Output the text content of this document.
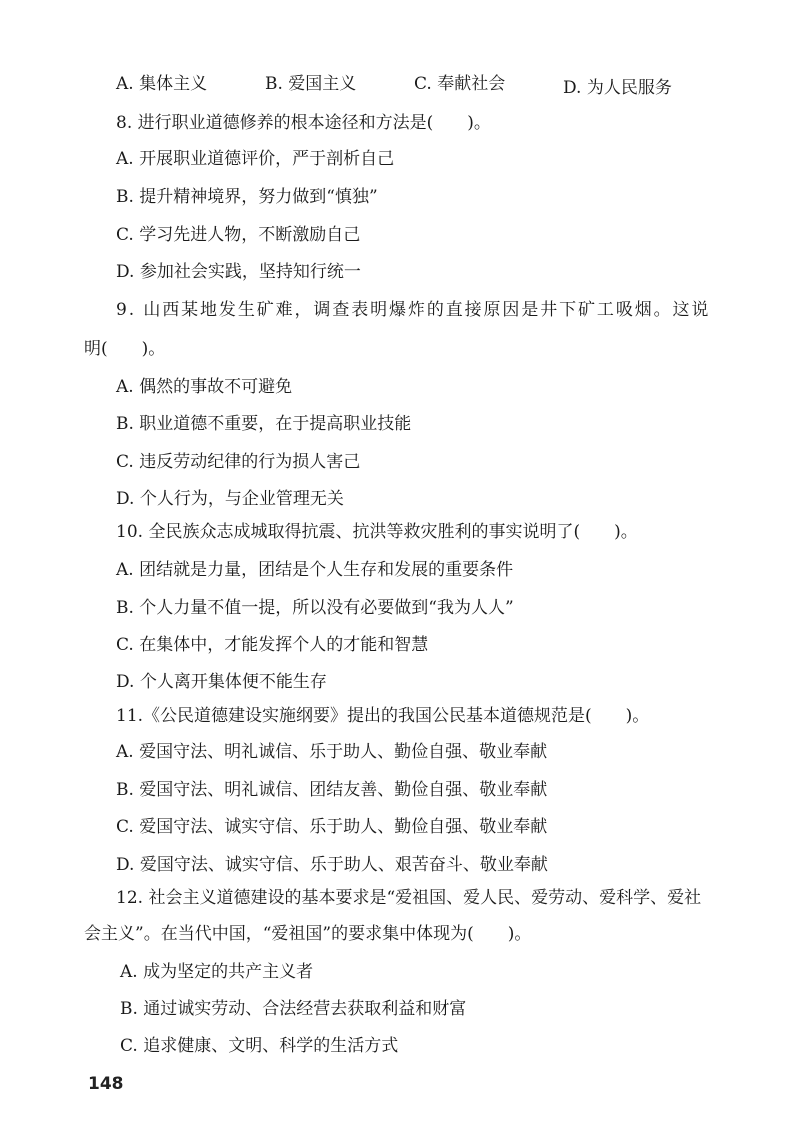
A. 集体主义	B. 爱国主义	C. 奉献社会	D. 为人民服务
8. 进行职业道德修养的根本途径和方法是(　　)。
A. 开展职业道德评价，严于剖析自己
B. 提升精神境界，努力做到“慎独”
C. 学习先进人物，不断激励自己
D. 参加社会实践，坚持知行统一
9. 山西某地发生矿难，调查表明爆炸的直接原因是井下矿工吸烟。这说
明(　　)。
A. 偶然的事故不可避免
B. 职业道德不重要，在于提高职业技能
C. 违反劳动纪律的行为损人害己
D. 个人行为，与企业管理无关
10. 全民族众志成城取得抗震、抗洪等救灾胜利的事实说明了(　　)。
A. 团结就是力量，团结是个人生存和发展的重要条件
B. 个人力量不值一提，所以没有必要做到“我为人人”
C. 在集体中，才能发挥个人的才能和智慧
D. 个人离开集体便不能生存
11.《公民道德建设实施纲要》提出的我国公民基本道德规范是(　　)。
A. 爱国守法、明礼诚信、乐于助人、勤俭自强、敬业奉献
B. 爱国守法、明礼诚信、团结友善、勤俭自强、敬业奉献
C. 爱国守法、诚实守信、乐于助人、勤俭自强、敬业奉献
D. 爱国守法、诚实守信、乐于助人、艰苦奋斗、敬业奉献
12. 社会主义道德建设的基本要求是“爱祖国、爱人民、爱劳动、爱科学、爱社
会主义”。在当代中国，“爱祖国”的要求集中体现为(　　)。
A. 成为坚定的共产主义者
B. 通过诚实劳动、合法经营去获取利益和财富
C. 追求健康、文明、科学的生活方式
148
